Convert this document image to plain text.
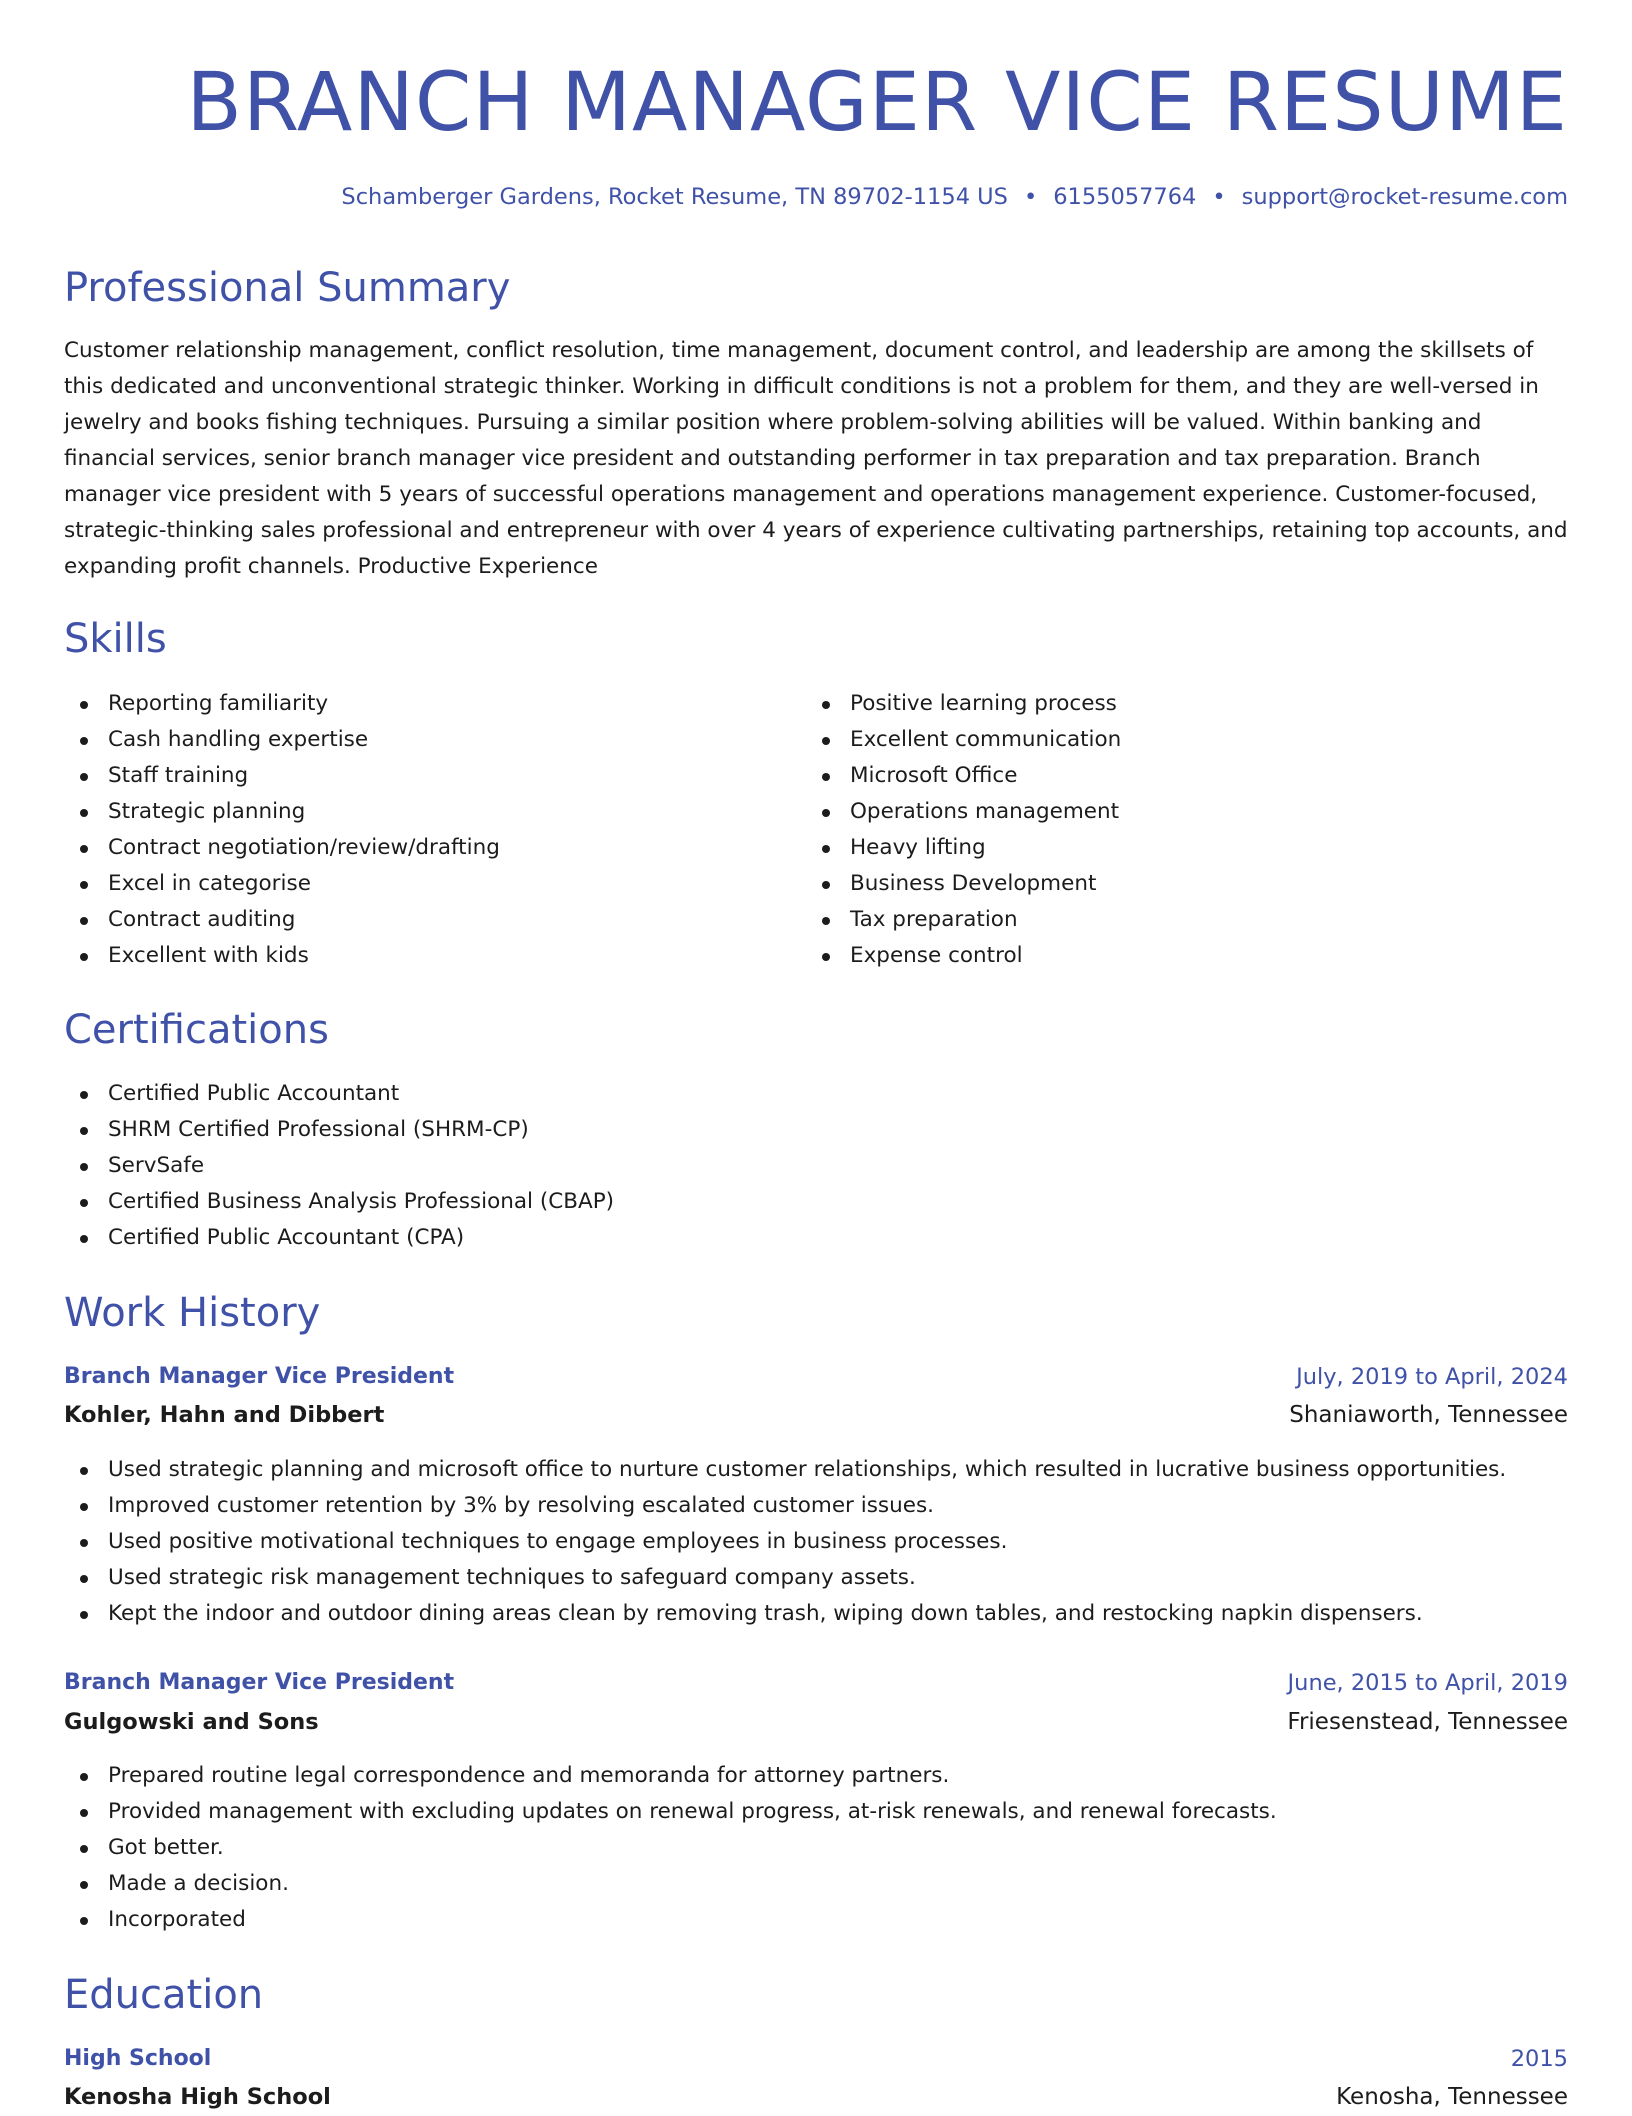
BRANCH MANAGER VICE RESUME
Schamberger Gardens, Rocket Resume, TN 89702-1154 US • 6155057764 • support@rocket-resume.com
Professional Summary

Customer relationship management, conflict resolution, time management, document control, and leadership are among the skillsets of this dedicated and unconventional strategic thinker. Working in difficult conditions is not a problem for them, and they are well-versed in jewelry and books fishing techniques. Pursuing a similar position where problem-solving abilities will be valued. Within banking and financial services, senior branch manager vice president and outstanding performer in tax preparation and tax preparation. Branch manager vice president with 5 years of successful operations management and operations management experience. Customer-focused, strategic-thinking sales professional and entrepreneur with over 4 years of experience cultivating partnerships, retaining top accounts, and expanding profit channels. Productive Experience

Skills
Reporting familiarity
Cash handling expertise
Staff training
Strategic planning
Contract negotiation/review/drafting
Excel in categorise
Contract auditing
Excellent with kids
Positive learning process
Excellent communication
Microsoft Office
Operations management
Heavy lifting
Business Development
Tax preparation
Expense control
Certifications
Certified Public Accountant
SHRM Certified Professional (SHRM-CP)
ServSafe
Certified Business Analysis Professional (CBAP)
Certified Public Accountant (CPA)
Work History
Branch Manager Vice President	July, 2019 to April, 2024
Kohler, Hahn and Dibbert	Shaniaworth, Tennessee
Used strategic planning and microsoft office to nurture customer relationships, which resulted in lucrative business opportunities.
Improved customer retention by 3% by resolving escalated customer issues.
Used positive motivational techniques to engage employees in business processes.
Used strategic risk management techniques to safeguard company assets.
Kept the indoor and outdoor dining areas clean by removing trash, wiping down tables, and restocking napkin dispensers.
Branch Manager Vice President	June, 2015 to April, 2019
Gulgowski and Sons	Friesenstead, Tennessee
Prepared routine legal correspondence and memoranda for attorney partners.
Provided management with excluding updates on renewal progress, at-risk renewals, and renewal forecasts.
Got better.
Made a decision.
Incorporated
Education
High School	2015
Kenosha High School	Kenosha, Tennessee
